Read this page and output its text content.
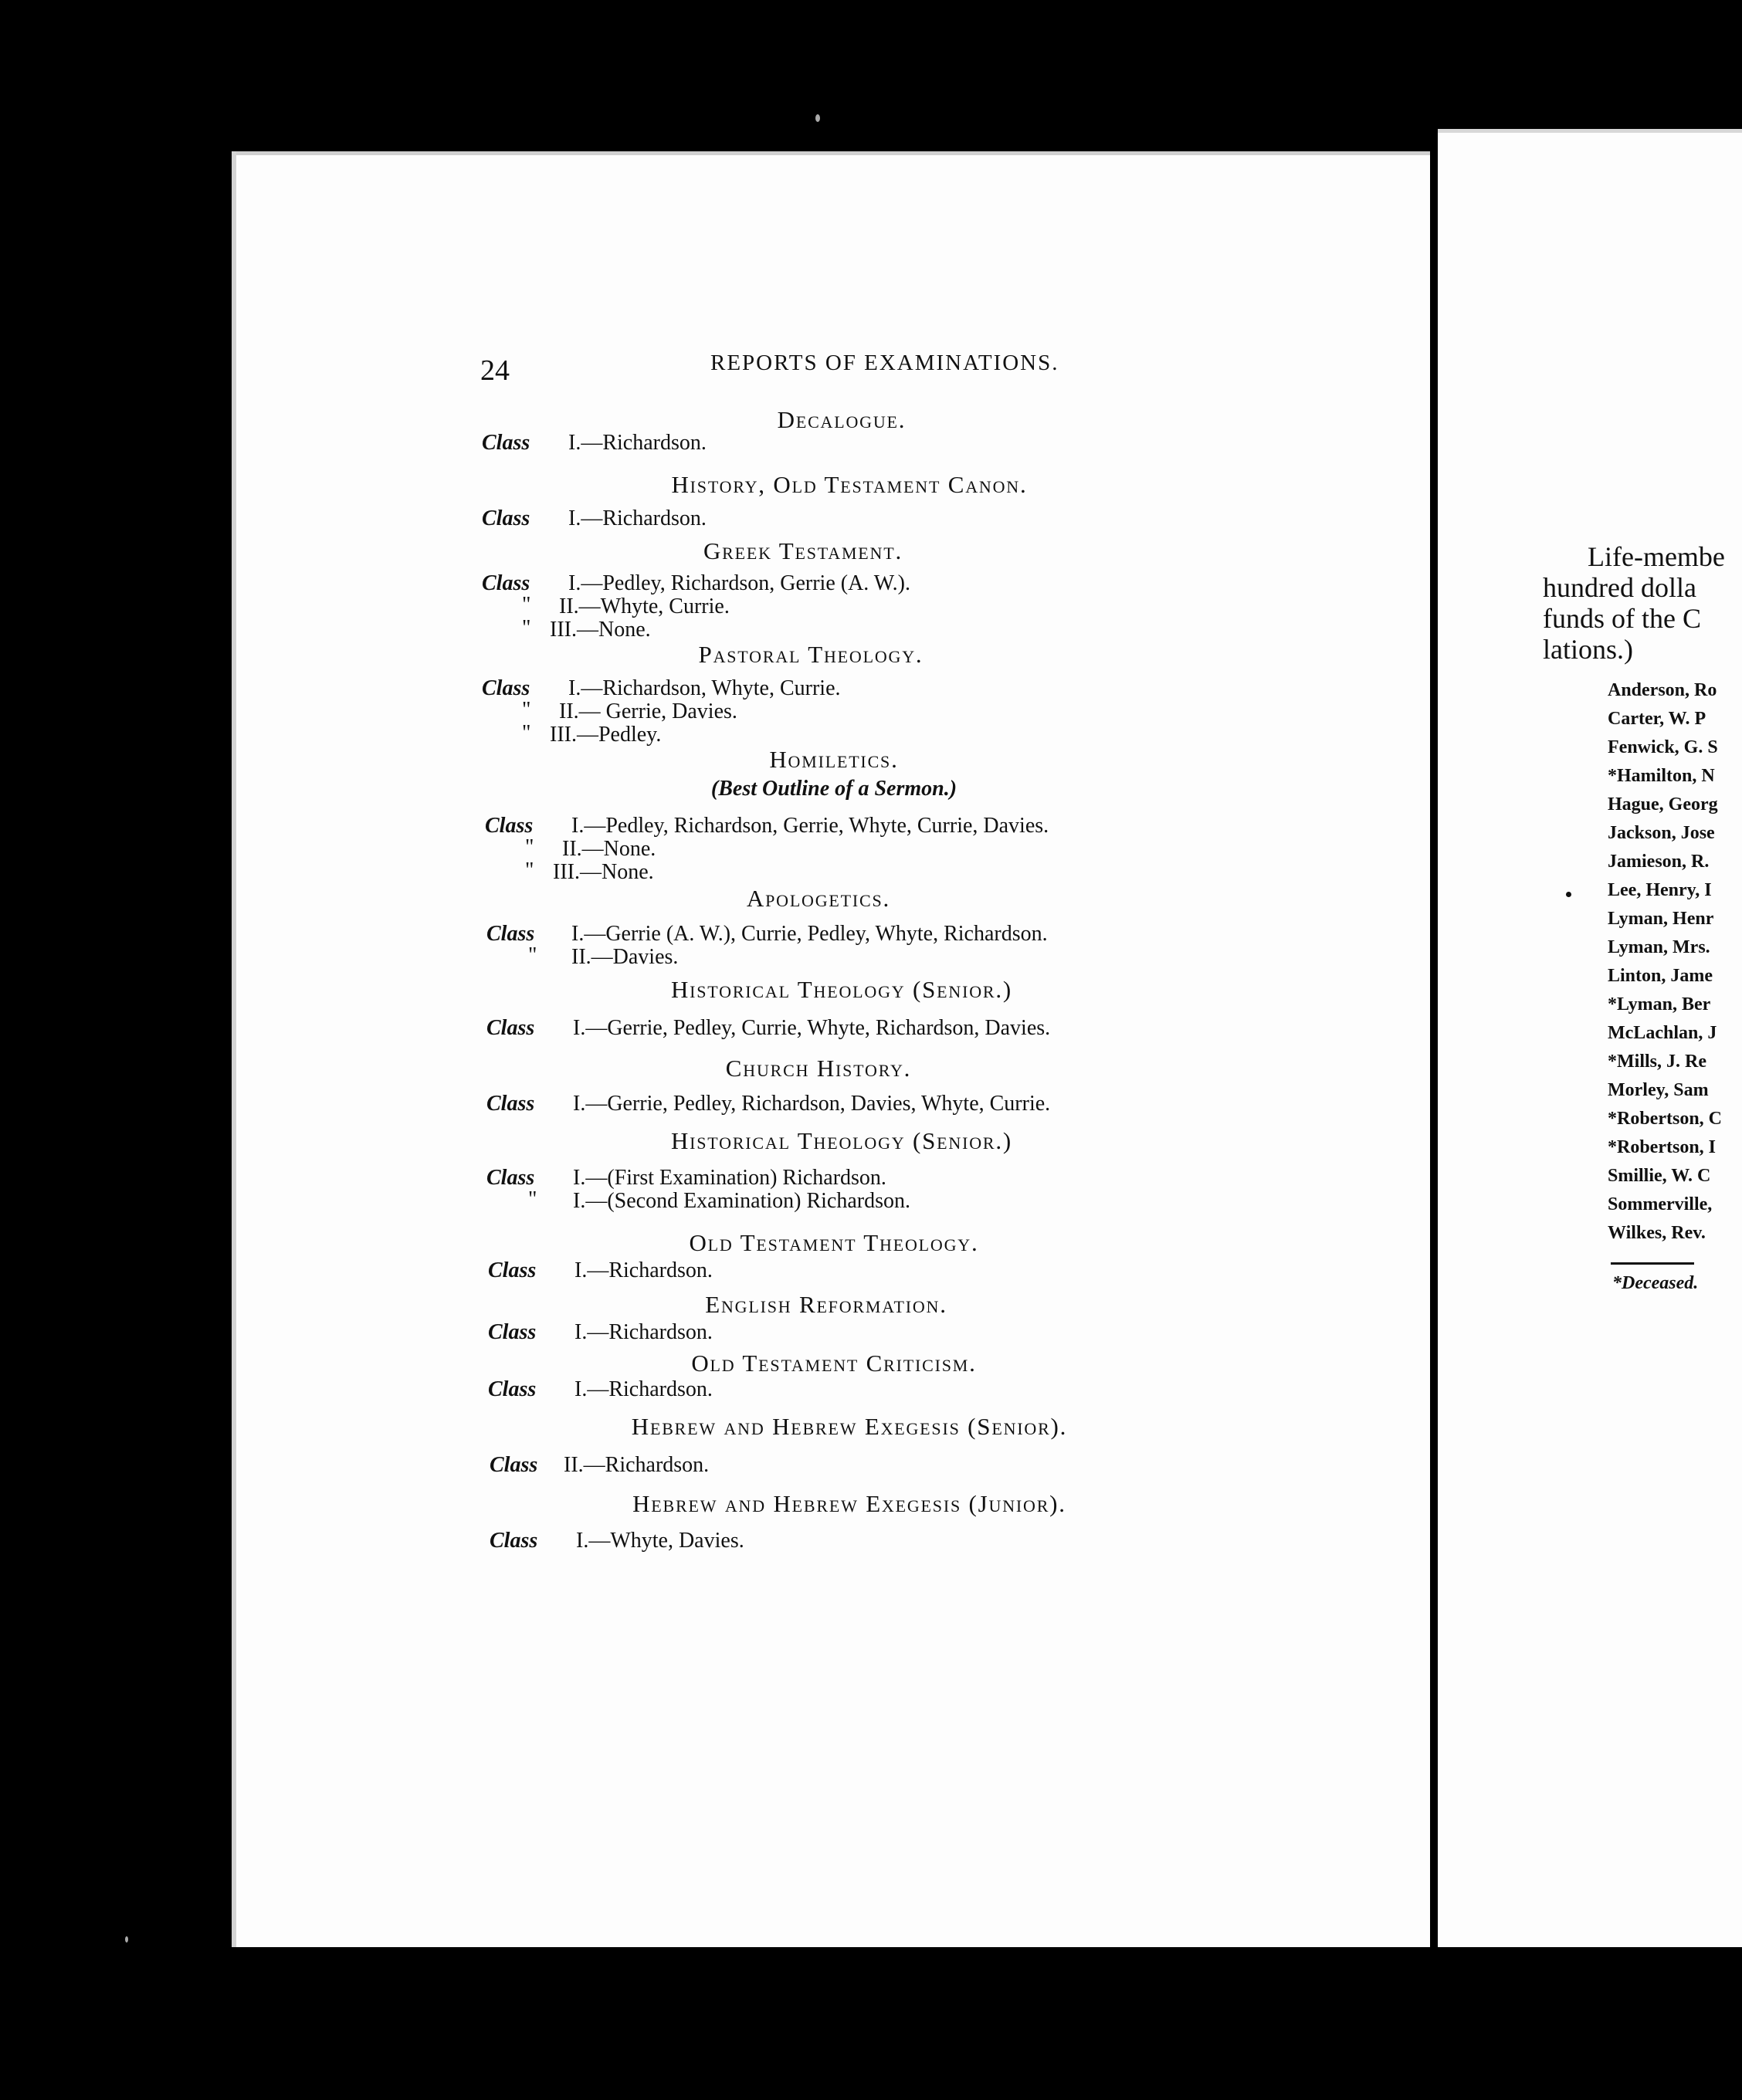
24	REPORTS OF EXAMINATIONS.
Decalogue.
Class I.—Richardson.
History, Old Testament Canon.
Class I.—Richardson.
Greek Testament.
Class I.—Pedley, Richardson, Gerrie (A. W.).
" II.—Whyte, Currie.
" III.—None.
Pastoral Theology.
Class I.—Richardson, Whyte, Currie.
" II.— Gerrie, Davies.
" III.—Pedley.
Homiletics.
(Best Outline of a Sermon.)
Class I.—Pedley, Richardson, Gerrie, Whyte, Currie, Davies.
" II.—None.
" III.—None.
Apologetics.
Class I.—Gerrie (A. W.), Currie, Pedley, Whyte, Richardson.
" II.—Davies.
Historical Theology (Senior.)
Class I.—Gerrie, Pedley, Currie, Whyte, Richardson, Davies.
Church History.
Class I.—Gerrie, Pedley, Richardson, Davies, Whyte, Currie.
Historical Theology (Senior.)
Class I.—(First Examination) Richardson.
" I.—(Second Examination) Richardson.
Old Testament Theology.
Class I.—Richardson.
English Reformation.
Class I.—Richardson.
Old Testament Criticism.
Class I.—Richardson.
Hebrew and Hebrew Exegesis (Senior).
Class II.—Richardson.
Hebrew and Hebrew Exegesis (Junior).
Class I.—Whyte, Davies.
Life-membe
hundred dolla
funds of the C
lations.)
Anderson, Ro
Carter, W. P
Fenwick, G. S
*Hamilton, N
Hague, Georg
Jackson, Jose
Jamieson, R.
Lee, Henry, I
Lyman, Henr
Lyman, Mrs.
Linton, Jame
*Lyman, Ber
McLachlan, J
*Mills, J. Re
Morley, Sam
*Robertson, C
*Robertson, I
Smillie, W. C
Sommerville,
Wilkes, Rev.
*Deceased.
